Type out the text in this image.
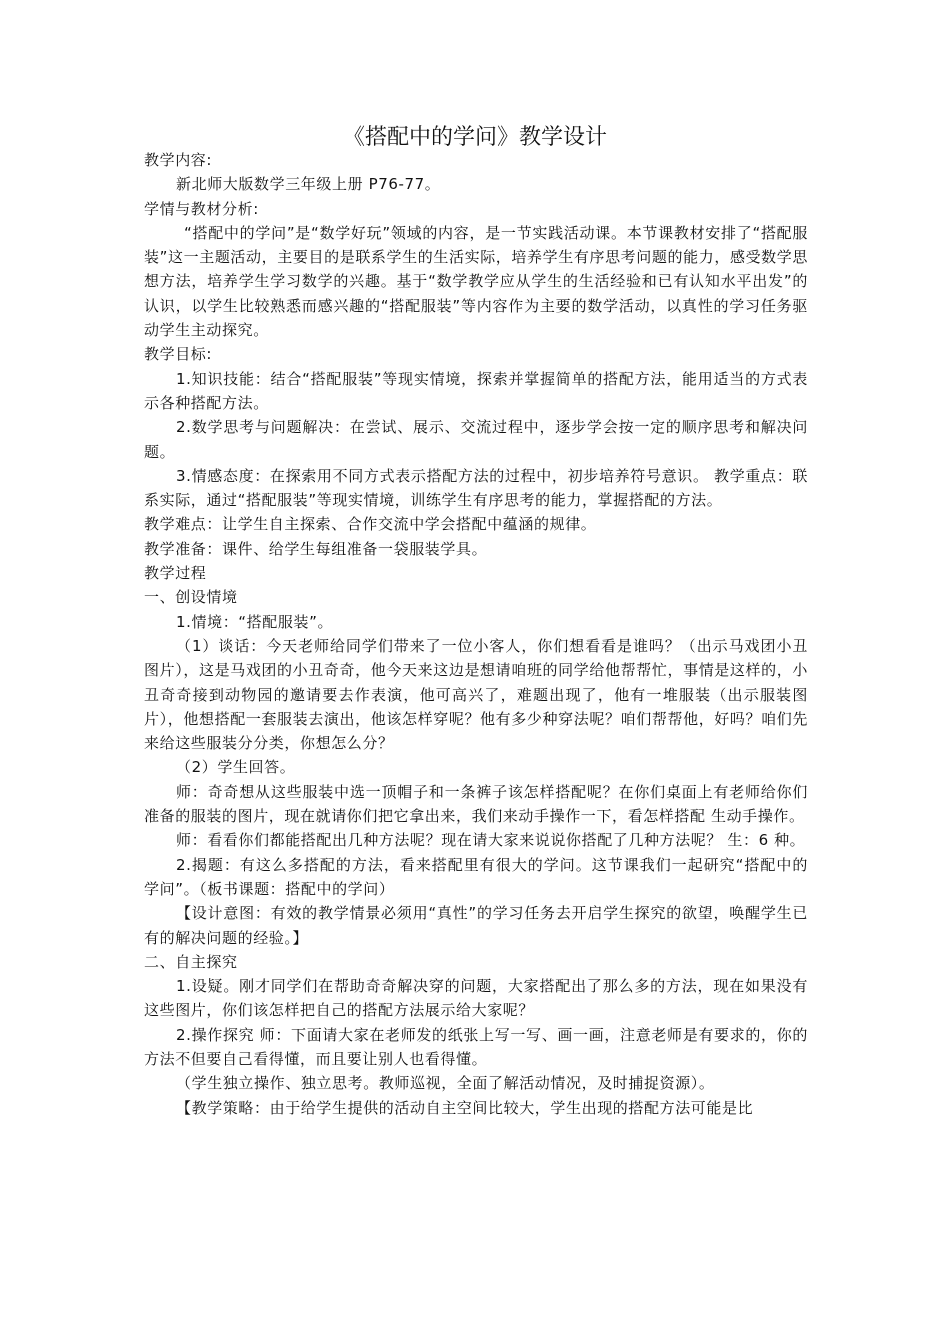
《搭配中的学问》教学设计

教学内容:

新北师大版数学三年级上册 P76-77。

学情与教材分析:

“搭配中的学问”是“数学好玩”领域的内容，是一节实践活动课。本节课教材安排了“搭配服装”这一主题活动，主要目的是联系学生的生活实际，培养学生有序思考问题的能力，感受数学思想方法，培养学生学习数学的兴趣。基于“数学教学应从学生的生活经验和已有认知水平出发”的认识，以学生比较熟悉而感兴趣的“搭配服装”等内容作为主要的数学活动，以真性的学习任务驱动学生主动探究。

教学目标:

1.知识技能：结合“搭配服装”等现实情境，探索并掌握简单的搭配方法，能用适当的方式表示各种搭配方法。

2.数学思考与问题解决：在尝试、展示、交流过程中，逐步学会按一定的顺序思考和解决问题。

3.情感态度：在探索用不同方式表示搭配方法的过程中，初步培养符号意识。 教学重点：联系实际，通过“搭配服装”等现实情境，训练学生有序思考的能力，掌握搭配的方法。

教学难点：让学生自主探索、合作交流中学会搭配中蕴涵的规律。

教学准备：课件、给学生每组准备一袋服装学具。

教学过程

一、创设情境

1.情境：“搭配服装”。

（1）谈话：今天老师给同学们带来了一位小客人，你们想看看是谁吗？（出示马戏团小丑图片），这是马戏团的小丑奇奇，他今天来这边是想请咱班的同学给他帮帮忙，事情是这样的，小丑奇奇接到动物园的邀请要去作表演，他可高兴了，难题出现了，他有一堆服装（出示服装图片），他想搭配一套服装去演出，他该怎样穿呢？他有多少种穿法呢？咱们帮帮他，好吗？咱们先来给这些服装分分类，你想怎么分？

（2）学生回答。

师：奇奇想从这些服装中选一顶帽子和一条裤子该怎样搭配呢？在你们桌面上有老师给你们准备的服装的图片，现在就请你们把它拿出来，我们来动手操作一下，看怎样搭配 生动手操作。

师：看看你们都能搭配出几种方法呢？现在请大家来说说你搭配了几种方法呢？ 生：6 种。

2.揭题：有这么多搭配的方法，看来搭配里有很大的学问。这节课我们一起研究“搭配中的学问”。（板书课题：搭配中的学问）

【设计意图：有效的教学情景必须用“真性”的学习任务去开启学生探究的欲望，唤醒学生已有的解决问题的经验。】

二、自主探究

1.设疑。刚才同学们在帮助奇奇解决穿的问题，大家搭配出了那么多的方法，现在如果没有这些图片，你们该怎样把自己的搭配方法展示给大家呢？

2.操作探究 师：下面请大家在老师发的纸张上写一写、画一画，注意老师是有要求的，你的方法不但要自己看得懂，而且要让别人也看得懂。

（学生独立操作、独立思考。教师巡视，全面了解活动情况，及时捕捉资源）。

【教学策略：由于给学生提供的活动自主空间比较大，学生出现的搭配方法可能是比
